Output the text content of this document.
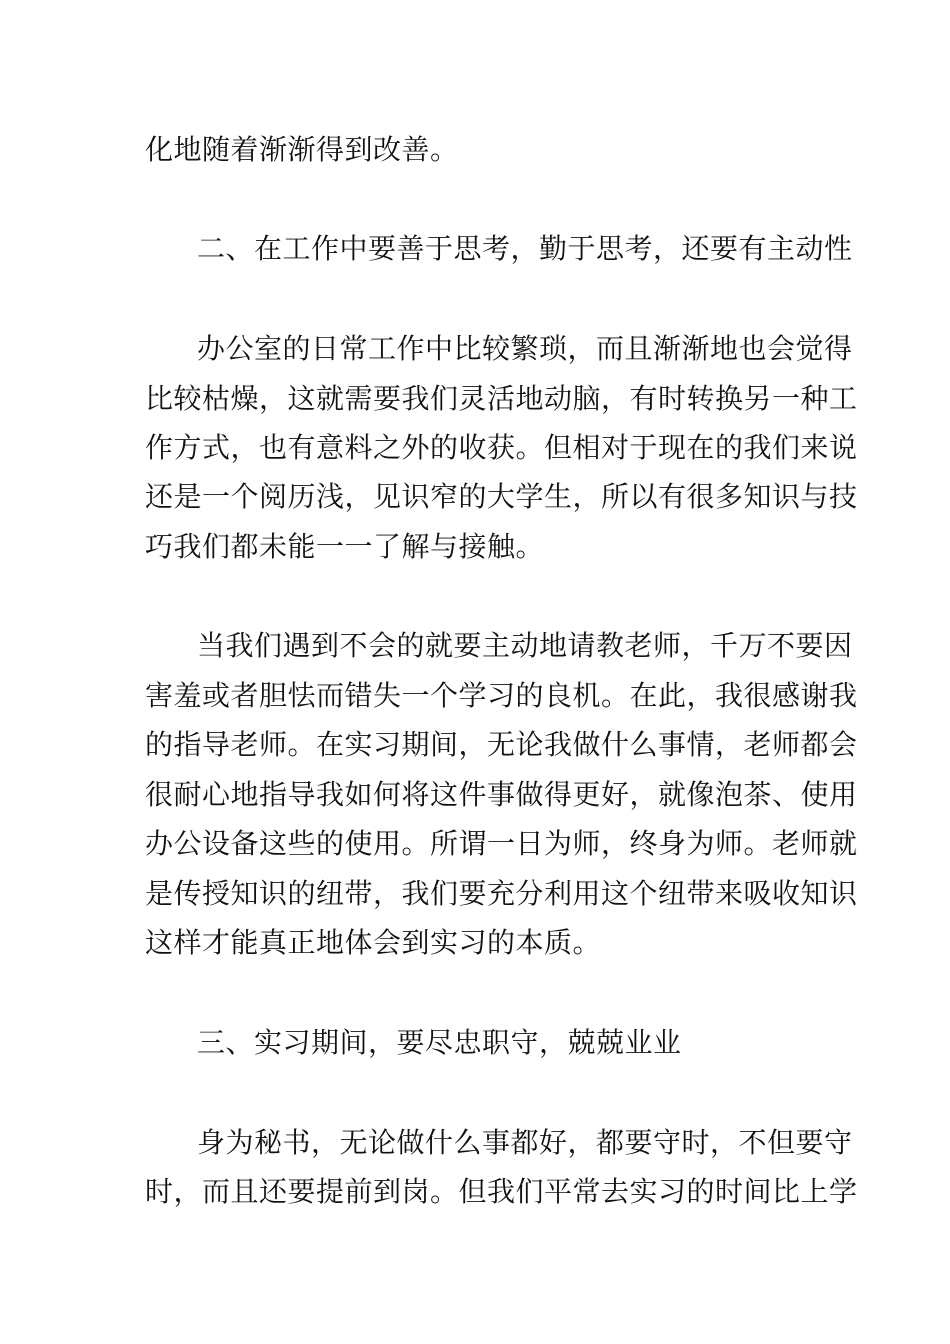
化地随着渐渐得到改善。

二、在工作中要善于思考，勤于思考，还要有主动性

办公室的日常工作中比较繁琐，而且渐渐地也会觉得

比较枯燥，这就需要我们灵活地动脑，有时转换另一种工

作方式，也有意料之外的收获。但相对于现在的我们来说

还是一个阅历浅，见识窄的大学生，所以有很多知识与技

巧我们都未能一一了解与接触。

当我们遇到不会的就要主动地请教老师，千万不要因

害羞或者胆怯而错失一个学习的良机。在此，我很感谢我

的指导老师。在实习期间，无论我做什么事情，老师都会

很耐心地指导我如何将这件事做得更好，就像泡茶、使用

办公设备这些的使用。所谓一日为师，终身为师。老师就

是传授知识的纽带，我们要充分利用这个纽带来吸收知识

这样才能真正地体会到实习的本质。

三、实习期间，要尽忠职守，兢兢业业

身为秘书，无论做什么事都好，都要守时，不但要守

时，而且还要提前到岗。但我们平常去实习的时间比上学
